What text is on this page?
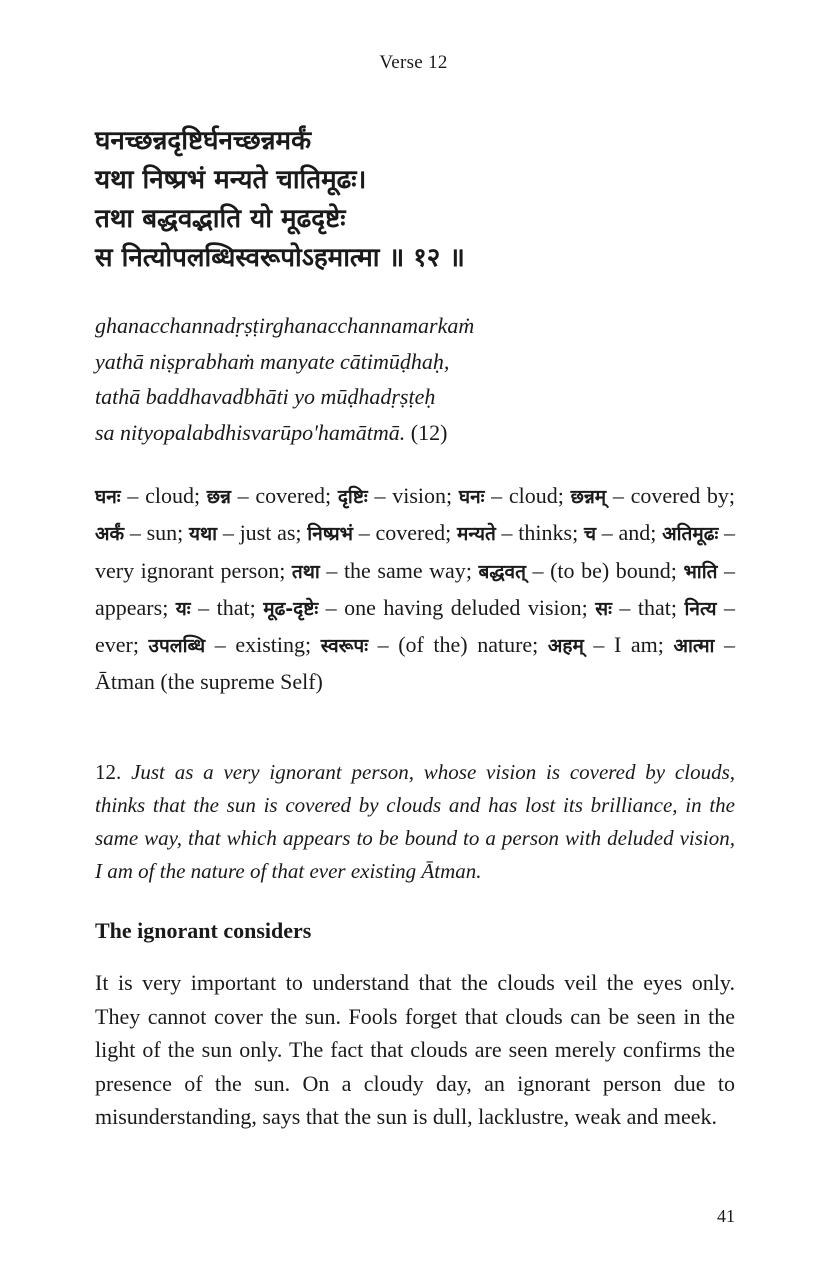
Verse 12
घनच्छन्नदृष्टिर्घनच्छन्नमर्कं
यथा निष्प्रभं मन्यते चातिमूढः।
तथा बद्धवद्भाति यो मूढदृष्टेः
स नित्योपलब्धिस्वरूपोऽहमात्मा ॥ १२ ॥
ghanacchannadṛṣṭirghanacchannamarkaṁ
yathā niṣprabhaṁ manyate cātimūḍhaḥ,
tathā baddhavadbhāti yo mūḍhadṛṣṭeḥ
sa nityopalabdhisvarūpo'hamātmā. (12)
घनः – cloud; छन्न – covered; दृष्टिः – vision; घनः – cloud; छन्नम् – covered by; अर्कं – sun; यथा – just as; निष्प्रभं – covered; मन्यते – thinks; च – and; अतिमूढः – very ignorant person; तथा – the same way; बद्धवत् – (to be) bound; भाति – appears; यः – that; मूढ-दृष्टेः – one having deluded vision; सः – that; नित्य – ever; उपलब्धि – existing; स्वरूपः – (of the) nature; अहम् – I am; आत्मा – Ātman (the supreme Self)
12. Just as a very ignorant person, whose vision is covered by clouds, thinks that the sun is covered by clouds and has lost its brilliance, in the same way, that which appears to be bound to a person with deluded vision, I am of the nature of that ever existing Ātman.
The ignorant considers
It is very important to understand that the clouds veil the eyes only. They cannot cover the sun. Fools forget that clouds can be seen in the light of the sun only. The fact that clouds are seen merely confirms the presence of the sun. On a cloudy day, an ignorant person due to misunderstanding, says that the sun is dull, lacklustre, weak and meek.
41
